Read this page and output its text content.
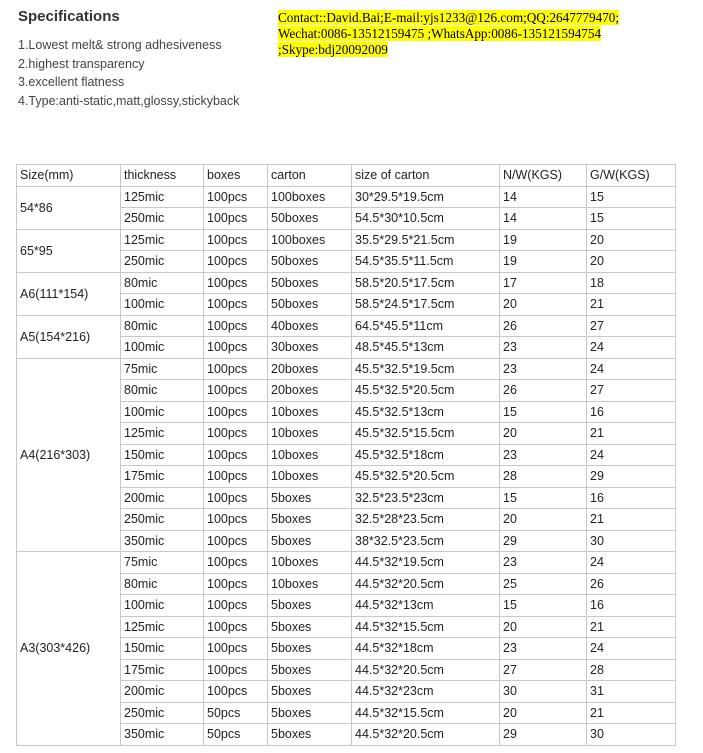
Specifications
1.Lowest melt& strong adhesiveness
2.highest transparency
3.excellent flatness
4.Type:anti-static,matt,glossy,stickyback
Contact::David.Bai;E-mail:yjs1233@126.com;QQ:2647779470;
Wechat:0086-13512159475 ;WhatsApp:0086-135121594754
;Skype:bdj20092009
Size(mm)	thickness	boxes	carton	size of carton	N/W(KGS)	G/W(KGS)
54*86	125mic	100pcs	100boxes	30*29.5*19.5cm	14	15
	250mic	100pcs	50boxes	54.5*30*10.5cm	14	15
65*95	125mic	100pcs	100boxes	35.5*29.5*21.5cm	19	20
	250mic	100pcs	50boxes	54.5*35.5*11.5cm	19	20
A6(111*154)	80mic	100pcs	50boxes	58.5*20.5*17.5cm	17	18
	100mic	100pcs	50boxes	58.5*24.5*17.5cm	20	21
A5(154*216)	80mic	100pcs	40boxes	64.5*45.5*11cm	26	27
	100mic	100pcs	30boxes	48.5*45.5*13cm	23	24
A4(216*303)	75mic	100pcs	20boxes	45.5*32.5*19.5cm	23	24
	80mic	100pcs	20boxes	45.5*32.5*20.5cm	26	27
	100mic	100pcs	10boxes	45.5*32.5*13cm	15	16
	125mic	100pcs	10boxes	45.5*32.5*15.5cm	20	21
	150mic	100pcs	10boxes	45.5*32.5*18cm	23	24
	175mic	100pcs	10boxes	45.5*32.5*20.5cm	28	29
	200mic	100pcs	5boxes	32.5*23.5*23cm	15	16
	250mic	100pcs	5boxes	32.5*28*23.5cm	20	21
	350mic	100pcs	5boxes	38*32.5*23.5cm	29	30
A3(303*426)	75mic	100pcs	10boxes	44.5*32*19.5cm	23	24
	80mic	100pcs	10boxes	44.5*32*20.5cm	25	26
	100mic	100pcs	5boxes	44.5*32*13cm	15	16
	125mic	100pcs	5boxes	44.5*32*15.5cm	20	21
	150mic	100pcs	5boxes	44.5*32*18cm	23	24
	175mic	100pcs	5boxes	44.5*32*20.5cm	27	28
	200mic	100pcs	5boxes	44.5*32*23cm	30	31
	250mic	50pcs	5boxes	44.5*32*15.5cm	20	21
	350mic	50pcs	5boxes	44.5*32*20.5cm	29	30
